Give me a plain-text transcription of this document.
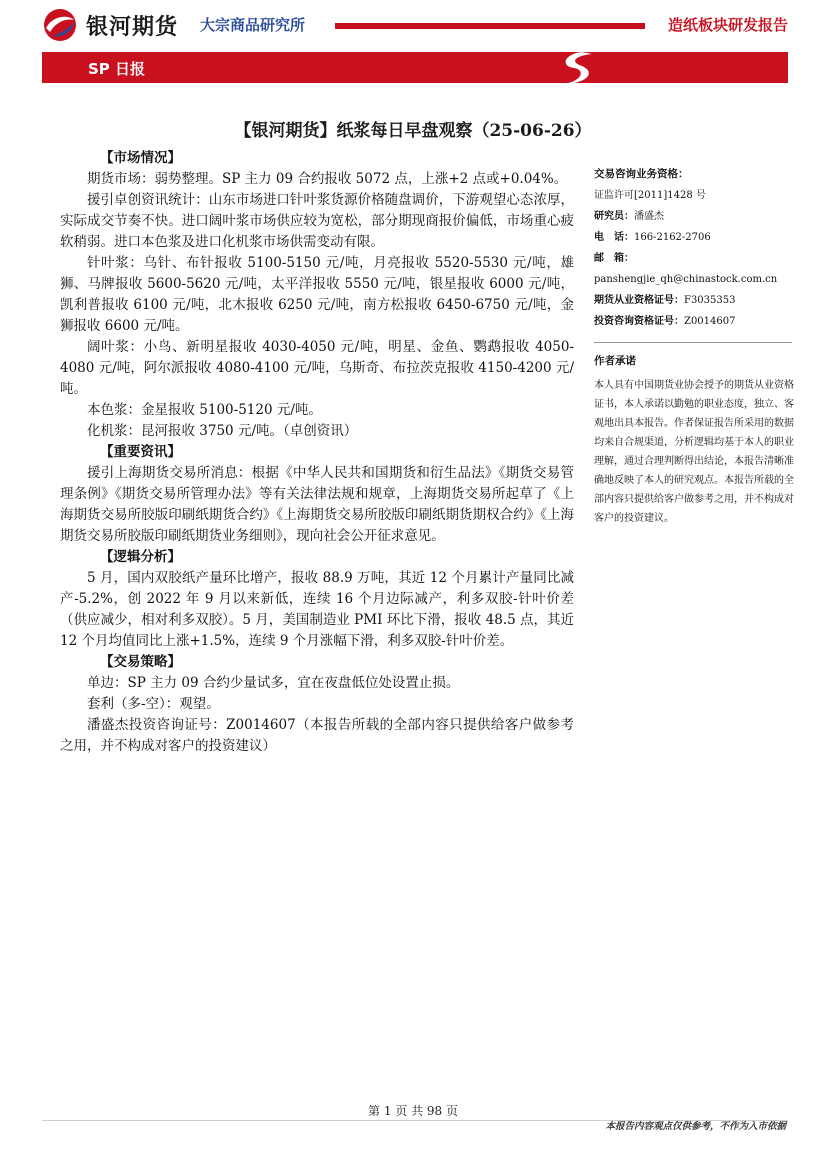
银河期货 大宗商品研究所	造纸板块研发报告
SP 日报
【银河期货】纸浆每日早盘观察（25-06-26）

【市场情况】

期货市场：弱势整理。SP 主力 09 合约报收 5072 点，上涨+2 点或+0.04%。

援引卓创资讯统计：山东市场进口针叶浆货源价格随盘调价，下游观望心态浓厚，实际成交节奏不快。进口阔叶浆市场供应较为宽松，部分期现商报价偏低，市场重心疲软稍弱。进口本色浆及进口化机浆市场供需变动有限。

针叶浆：乌针、布针报收 5100-5150 元/吨，月亮报收 5520-5530 元/吨，雄狮、马牌报收 5600-5620 元/吨，太平洋报收 5550 元/吨，银星报收 6000 元/吨，凯利普报收 6100 元/吨，北木报收 6250 元/吨，南方松报收 6450-6750 元/吨，金狮报收 6600 元/吨。

阔叶浆：小鸟、新明星报收 4030-4050 元/吨，明星、金鱼、鹦鹉报收 4050-4080 元/吨，阿尔派报收 4080-4100 元/吨，乌斯奇、布拉茨克报收 4150-4200 元/吨。

本色浆：金星报收 5100-5120 元/吨。

化机浆：昆河报收 3750 元/吨。（卓创资讯）

【重要资讯】

援引上海期货交易所消息：根据《中华人民共和国期货和衍生品法》《期货交易管理条例》《期货交易所管理办法》等有关法律法规和规章，上海期货交易所起草了《上海期货交易所胶版印刷纸期货合约》《上海期货交易所胶版印刷纸期货期权合约》《上海期货交易所胶版印刷纸期货业务细则》，现向社会公开征求意见。

【逻辑分析】

5 月，国内双胶纸产量环比增产，报收 88.9 万吨，其近 12 个月累计产量同比减产-5.2%，创 2022 年 9 月以来新低，连续 16 个月边际减产，利多双胶-针叶价差（供应减少，相对利多双胶）。5 月，美国制造业 PMI 环比下滑，报收 48.5 点，其近 12 个月均值同比上涨+1.5%，连续 9 个月涨幅下滑，利多双胶-针叶价差。

【交易策略】

单边：SP 主力 09 合约少量试多，宜在夜盘低位处设置止损。

套利（多-空）：观望。

潘盛杰投资咨询证号：Z0014607（本报告所载的全部内容只提供给客户做参考之用，并不构成对客户的投资建议）

交易咨询业务资格：
证监许可[2011]1428 号
研究员：潘盛杰
电　话：166-2162-2706
邮　箱：
panshengjie_qh@chinastock.com.cn
期货从业资格证号：F3035353
投资咨询资格证号：Z0014607
作者承诺
本人具有中国期货业协会授予的期货从业资格证书，本人承诺以勤勉的职业态度，独立、客观地出具本报告。作者保证报告所采用的数据均来自合规渠道，分析逻辑均基于本人的职业理解，通过合理判断得出结论，本报告清晰准确地反映了本人的研究观点。本报告所载的全部内容只提供给客户做参考之用，并不构成对客户的投资建议。
第 1 页 共 98 页
本报告内容观点仅供参考，不作为入市依据
